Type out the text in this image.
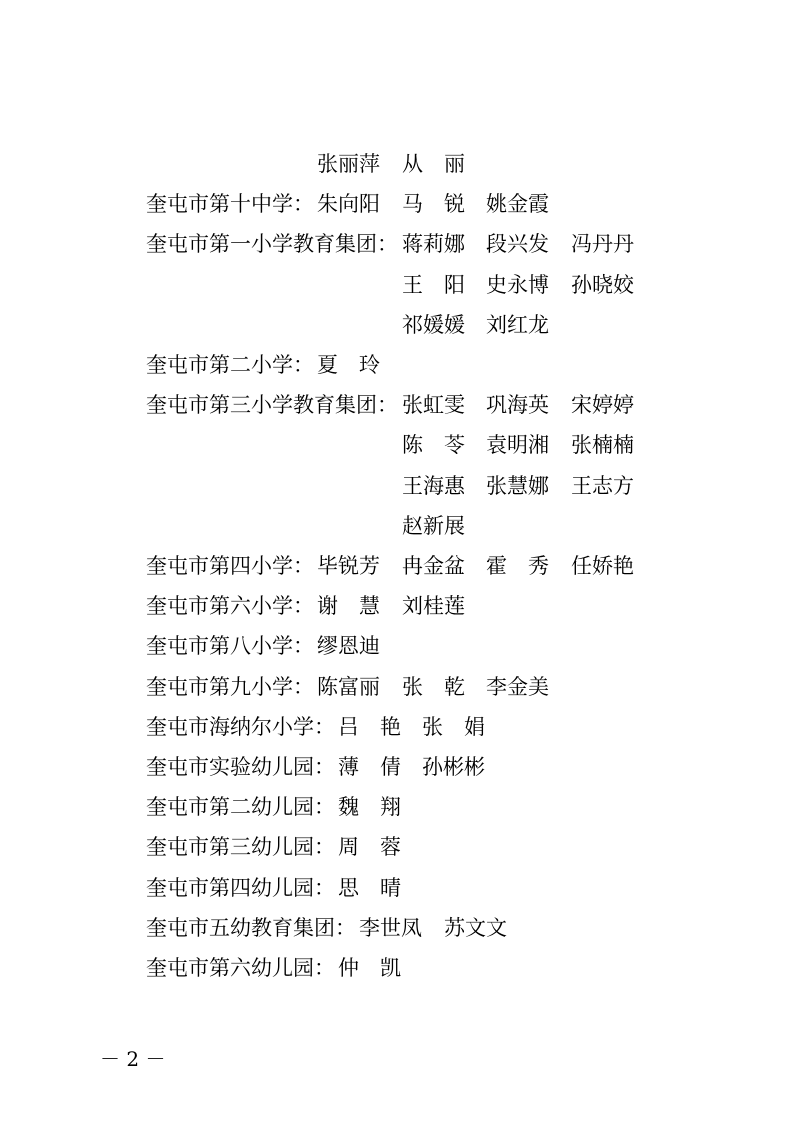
张丽萍 从　丽
奎屯市第十中学： 朱向阳 马　锐 姚金霞
奎屯市第一小学教育集团： 蒋莉娜 段兴发 冯丹丹
王　阳 史永博 孙晓姣
祁媛媛 刘红龙
奎屯市第二小学： 夏　玲
奎屯市第三小学教育集团： 张虹雯 巩海英 宋婷婷
陈　苓 袁明湘 张楠楠
王海惠 张慧娜 王志方
赵新展
奎屯市第四小学： 毕锐芳 冉金盆 霍　秀 任娇艳
奎屯市第六小学： 谢　慧 刘桂莲
奎屯市第八小学： 缪恩迪
奎屯市第九小学： 陈富丽 张　乾 李金美
奎屯市海纳尔小学： 吕　艳 张　娟
奎屯市实验幼儿园： 薄　倩 孙彬彬
奎屯市第二幼儿园： 魏　翔
奎屯市第三幼儿园： 周　蓉
奎屯市第四幼儿园： 思　晴
奎屯市五幼教育集团： 李世凤 苏文文
奎屯市第六幼儿园： 仲　凯
－ 2 －
